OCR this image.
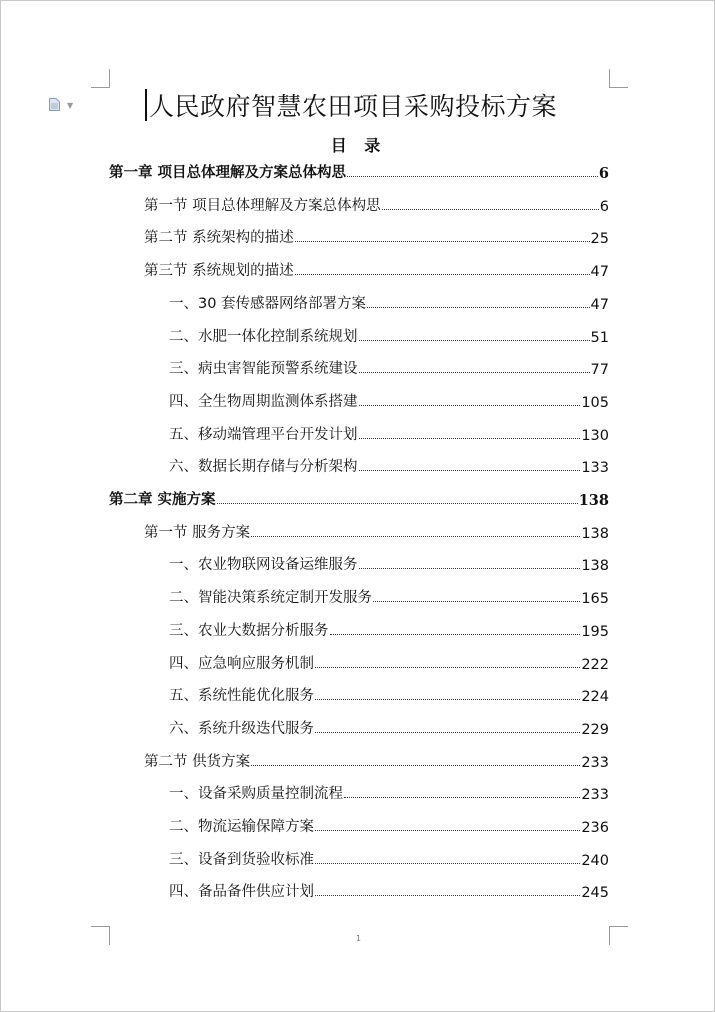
▼	人民政府智慧农田项目采购投标方案
目 录
第一章 项目总体理解及方案总体构思	6
第一节 项目总体理解及方案总体构思	6
第二节 系统架构的描述	25
第三节 系统规划的描述	47
一、30 套传感器网络部署方案	47
二、水肥一体化控制系统规划	51
三、病虫害智能预警系统建设	77
四、全生物周期监测体系搭建	105
五、移动端管理平台开发计划	130
六、数据长期存储与分析架构	133
第二章 实施方案	138
第一节 服务方案	138
一、农业物联网设备运维服务	138
二、智能决策系统定制开发服务	165
三、农业大数据分析服务	195
四、应急响应服务机制	222
五、系统性能优化服务	224
六、系统升级迭代服务	229
第二节 供货方案	233
一、设备采购质量控制流程	233
二、物流运输保障方案	236
三、设备到货验收标准	240
四、备品备件供应计划	245
1
